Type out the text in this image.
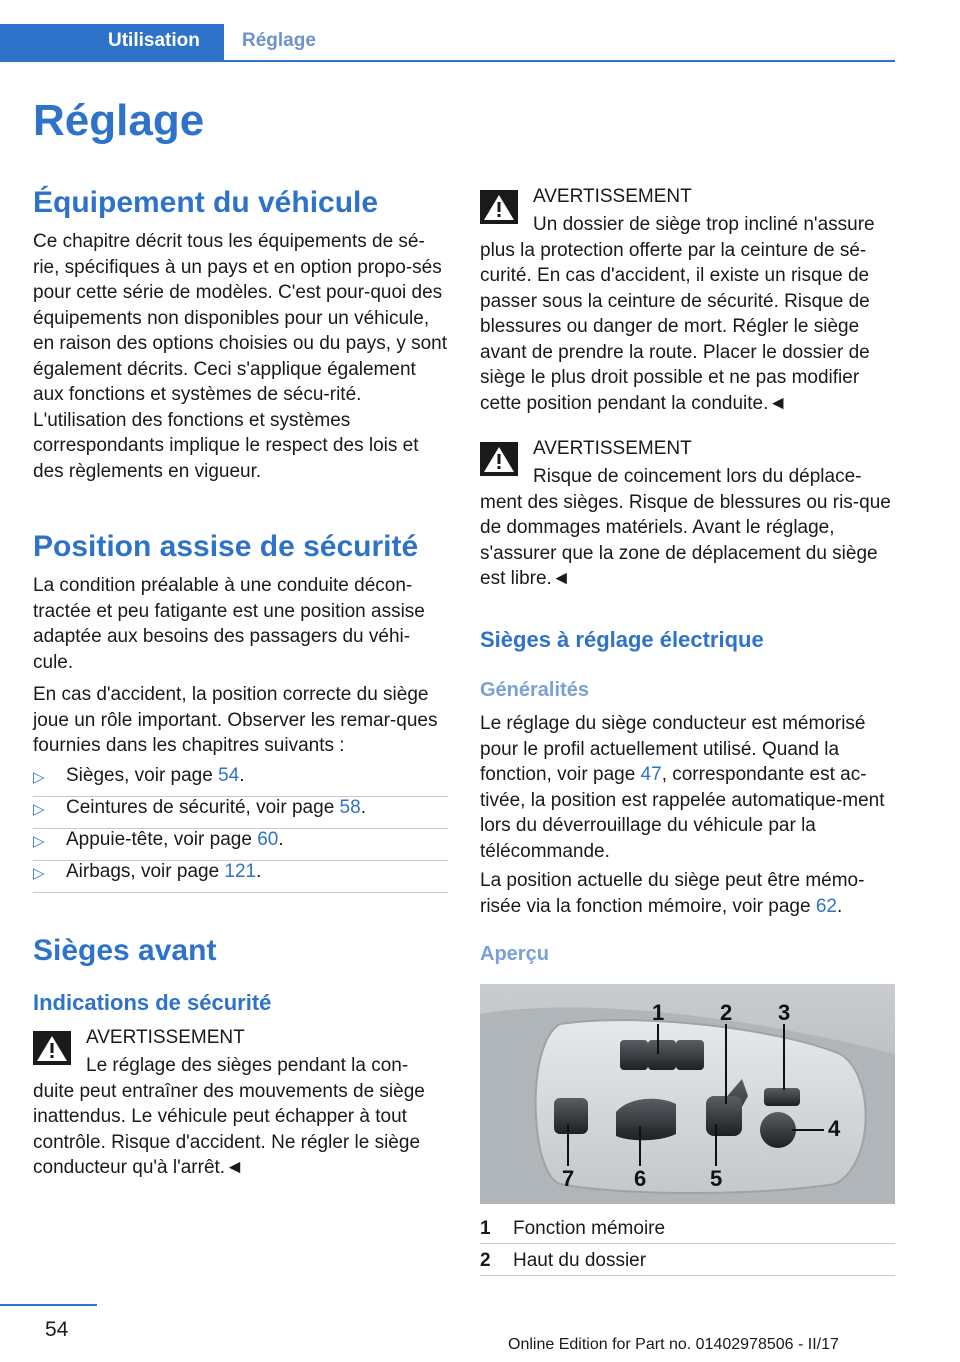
Utilisation	Réglage
Réglage
Équipement du véhicule

Ce chapitre décrit tous les équipements de sé-rie, spécifiques à un pays et en option propo-sés pour cette série de modèles. C'est pour-quoi des équipements non disponibles pour un véhicule, en raison des options choisies ou du pays, y sont également décrits. Ceci s'applique également aux fonctions et systèmes de sécu-rité. L'utilisation des fonctions et systèmes correspondants implique le respect des lois et des règlements en vigueur.

Position assise de sécurité

La condition préalable à une conduite décon-tractée et peu fatigante est une position assise adaptée aux besoins des passagers du véhi-cule.

En cas d'accident, la position correcte du siège joue un rôle important. Observer les remar-ques fournies dans les chapitres suivants :

▷ Sièges, voir page 54.
▷ Ceintures de sécurité, voir page 58.
▷ Appuie-tête, voir page 60.
▷ Airbags, voir page 121.
Sièges avant
Indications de sécurité
AVERTISSEMENT

Le réglage des sièges pendant la con-duite peut entraîner des mouvements de siège inattendus. Le véhicule peut échapper à tout contrôle. Risque d'accident. Ne régler le siège conducteur qu'à l'arrêt.◄

AVERTISSEMENT

Un dossier de siège trop incliné n'assure plus la protection offerte par la ceinture de sé-curité. En cas d'accident, il existe un risque de passer sous la ceinture de sécurité. Risque de blessures ou danger de mort. Régler le siège avant de prendre la route. Placer le dossier de siège le plus droit possible et ne pas modifier cette position pendant la conduite.◄

AVERTISSEMENT

Risque de coincement lors du déplace-ment des sièges. Risque de blessures ou ris-que de dommages matériels. Avant le réglage, s'assurer que la zone de déplacement du siège est libre.◄

Sièges à réglage électrique
Généralités

Le réglage du siège conducteur est mémorisé pour le profil actuellement utilisé. Quand la fonction, voir page 47, correspondante est ac-tivée, la position est rappelée automatique-ment lors du déverrouillage du véhicule par la télécommande.

La position actuelle du siège peut être mémo-risée via la fonction mémoire, voir page 62.

Aperçu
1	2 3
4
5
6
7
1 Fonction mémoire
2 Haut du dossier
54
Online Edition for Part no. 01402978506 - II/17
